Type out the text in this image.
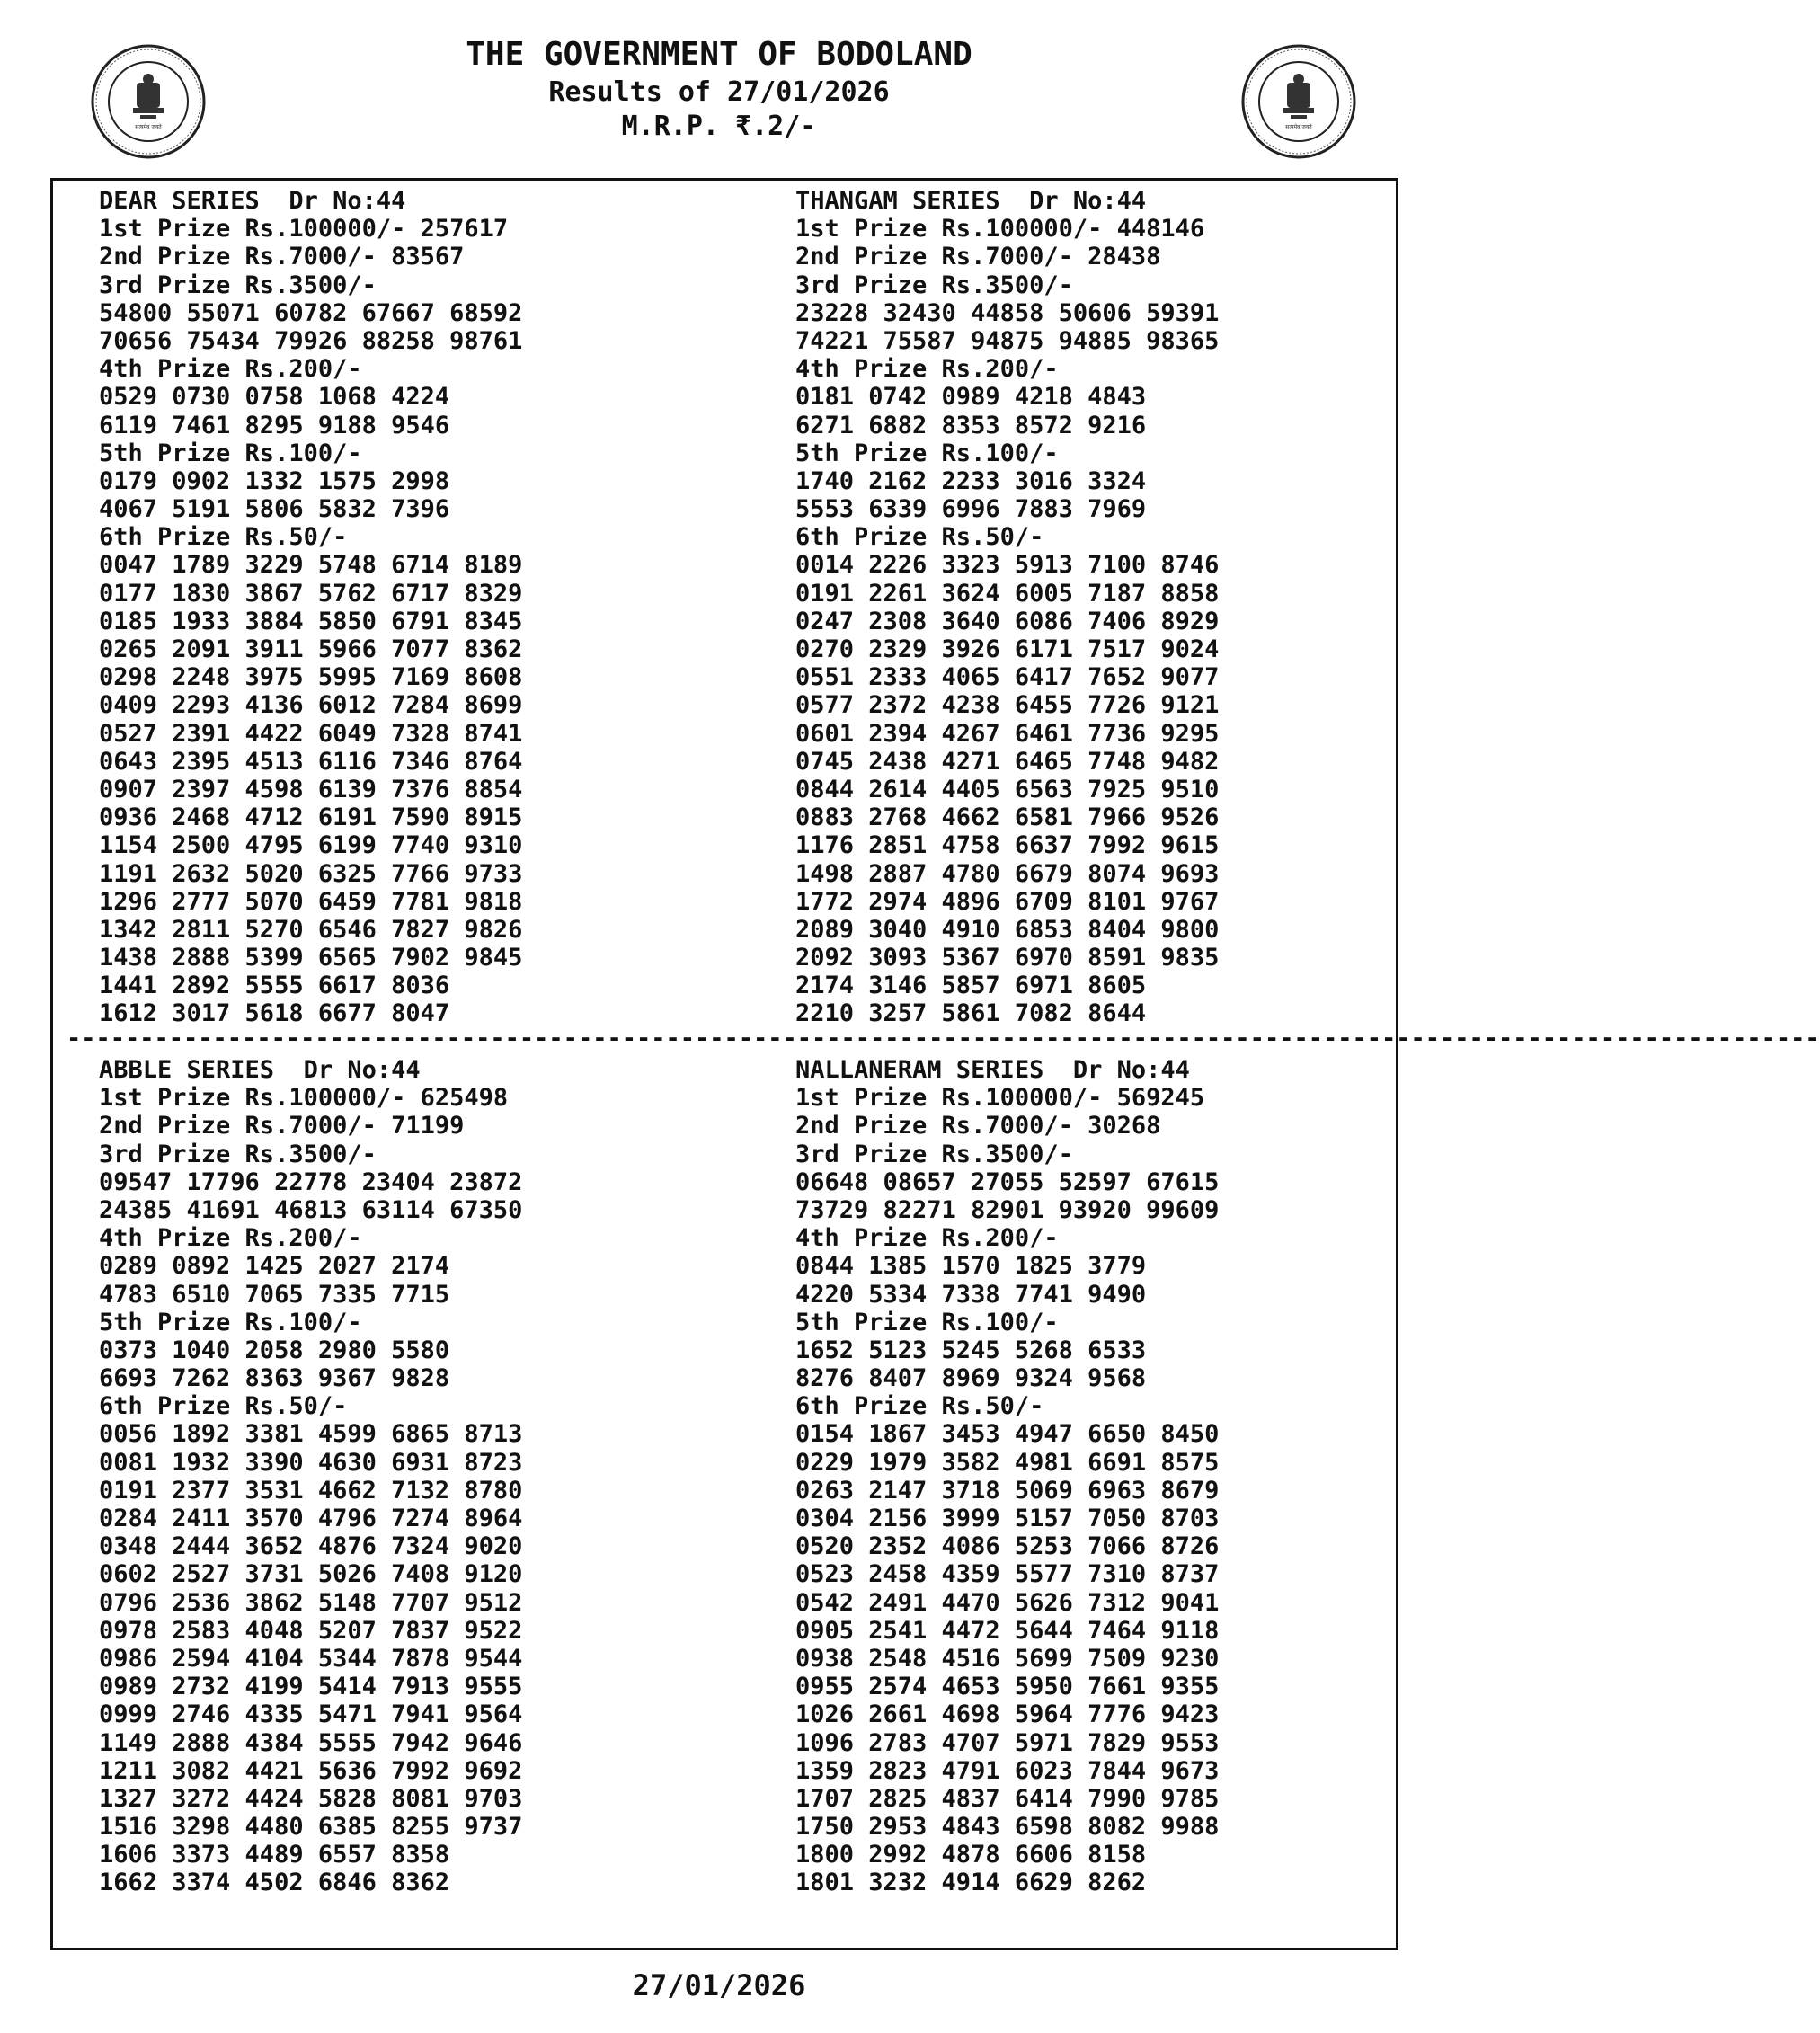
सत्यमेव जयते	सत्यमेव जयते
THE GOVERNMENT OF BODOLAND
Results of 27/01/2026
M.R.P. ₹.2/-
DEAR SERIES  Dr No:44
1st Prize Rs.100000/- 257617
2nd Prize Rs.7000/- 83567
3rd Prize Rs.3500/-
54800 55071 60782 67667 68592
70656 75434 79926 88258 98761
4th Prize Rs.200/-
0529 0730 0758 1068 4224
6119 7461 8295 9188 9546
5th Prize Rs.100/-
0179 0902 1332 1575 2998
4067 5191 5806 5832 7396
6th Prize Rs.50/-
0047 1789 3229 5748 6714 8189
0177 1830 3867 5762 6717 8329
0185 1933 3884 5850 6791 8345
0265 2091 3911 5966 7077 8362
0298 2248 3975 5995 7169 8608
0409 2293 4136 6012 7284 8699
0527 2391 4422 6049 7328 8741
0643 2395 4513 6116 7346 8764
0907 2397 4598 6139 7376 8854
0936 2468 4712 6191 7590 8915
1154 2500 4795 6199 7740 9310
1191 2632 5020 6325 7766 9733
1296 2777 5070 6459 7781 9818
1342 2811 5270 6546 7827 9826
1438 2888 5399 6565 7902 9845
1441 2892 5555 6617 8036
1612 3017 5618 6677 8047
THANGAM SERIES  Dr No:44
1st Prize Rs.100000/- 448146
2nd Prize Rs.7000/- 28438
3rd Prize Rs.3500/-
23228 32430 44858 50606 59391
74221 75587 94875 94885 98365
4th Prize Rs.200/-
0181 0742 0989 4218 4843
6271 6882 8353 8572 9216
5th Prize Rs.100/-
1740 2162 2233 3016 3324
5553 6339 6996 7883 7969
6th Prize Rs.50/-
0014 2226 3323 5913 7100 8746
0191 2261 3624 6005 7187 8858
0247 2308 3640 6086 7406 8929
0270 2329 3926 6171 7517 9024
0551 2333 4065 6417 7652 9077
0577 2372 4238 6455 7726 9121
0601 2394 4267 6461 7736 9295
0745 2438 4271 6465 7748 9482
0844 2614 4405 6563 7925 9510
0883 2768 4662 6581 7966 9526
1176 2851 4758 6637 7992 9615
1498 2887 4780 6679 8074 9693
1772 2974 4896 6709 8101 9767
2089 3040 4910 6853 8404 9800
2092 3093 5367 6970 8591 9835
2174 3146 5857 6971 8605
2210 3257 5861 7082 8644
------------------------------------------------------------------------------------------------------------------------
ABBLE SERIES  Dr No:44
1st Prize Rs.100000/- 625498
2nd Prize Rs.7000/- 71199
3rd Prize Rs.3500/-
09547 17796 22778 23404 23872
24385 41691 46813 63114 67350
4th Prize Rs.200/-
0289 0892 1425 2027 2174
4783 6510 7065 7335 7715
5th Prize Rs.100/-
0373 1040 2058 2980 5580
6693 7262 8363 9367 9828
6th Prize Rs.50/-
0056 1892 3381 4599 6865 8713
0081 1932 3390 4630 6931 8723
0191 2377 3531 4662 7132 8780
0284 2411 3570 4796 7274 8964
0348 2444 3652 4876 7324 9020
0602 2527 3731 5026 7408 9120
0796 2536 3862 5148 7707 9512
0978 2583 4048 5207 7837 9522
0986 2594 4104 5344 7878 9544
0989 2732 4199 5414 7913 9555
0999 2746 4335 5471 7941 9564
1149 2888 4384 5555 7942 9646
1211 3082 4421 5636 7992 9692
1327 3272 4424 5828 8081 9703
1516 3298 4480 6385 8255 9737
1606 3373 4489 6557 8358
1662 3374 4502 6846 8362
NALLANERAM SERIES  Dr No:44
1st Prize Rs.100000/- 569245
2nd Prize Rs.7000/- 30268
3rd Prize Rs.3500/-
06648 08657 27055 52597 67615
73729 82271 82901 93920 99609
4th Prize Rs.200/-
0844 1385 1570 1825 3779
4220 5334 7338 7741 9490
5th Prize Rs.100/-
1652 5123 5245 5268 6533
8276 8407 8969 9324 9568
6th Prize Rs.50/-
0154 1867 3453 4947 6650 8450
0229 1979 3582 4981 6691 8575
0263 2147 3718 5069 6963 8679
0304 2156 3999 5157 7050 8703
0520 2352 4086 5253 7066 8726
0523 2458 4359 5577 7310 8737
0542 2491 4470 5626 7312 9041
0905 2541 4472 5644 7464 9118
0938 2548 4516 5699 7509 9230
0955 2574 4653 5950 7661 9355
1026 2661 4698 5964 7776 9423
1096 2783 4707 5971 7829 9553
1359 2823 4791 6023 7844 9673
1707 2825 4837 6414 7990 9785
1750 2953 4843 6598 8082 9988
1800 2992 4878 6606 8158
1801 3232 4914 6629 8262
27/01/2026
